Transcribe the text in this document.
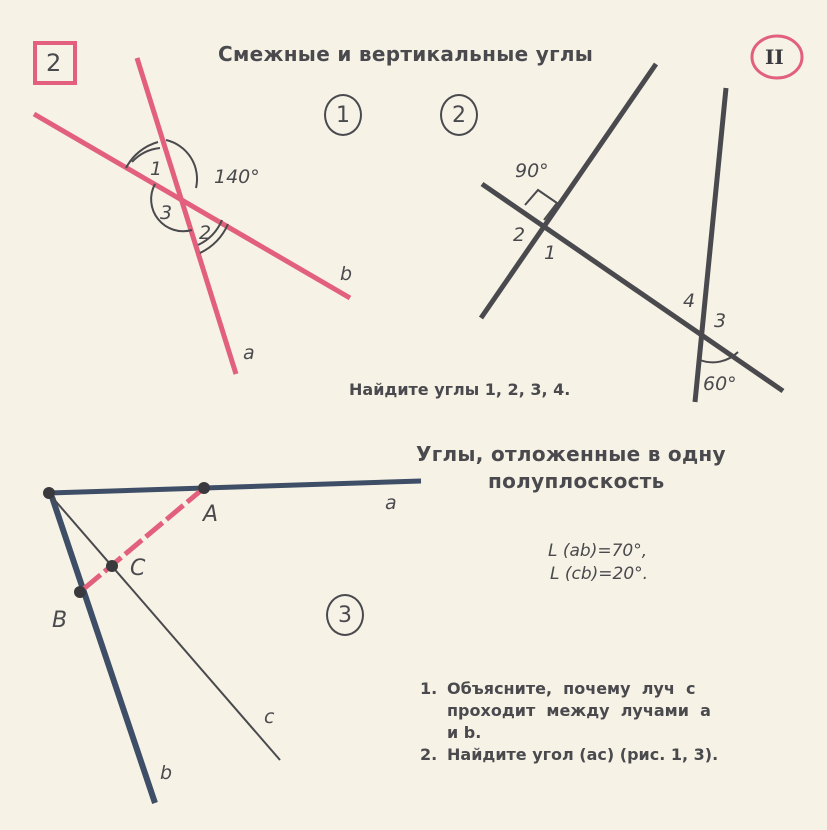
2	II
Смежные и вертикальные углы
1	2
3
140°
1
3
2
b
a
90°
2
1
4
3
60°
Найдите углы 1, 2, 3, 4.
Углы, отложенные в одну
полуплоскость
L (ab)=70°,
L (cb)=20°.
A
C
B
a
c
b
1. Объясните,  почему  луч  с
проходит  между  лучами  а
и b.
2. Найдите угол (ас) (рис. 1, 3).
